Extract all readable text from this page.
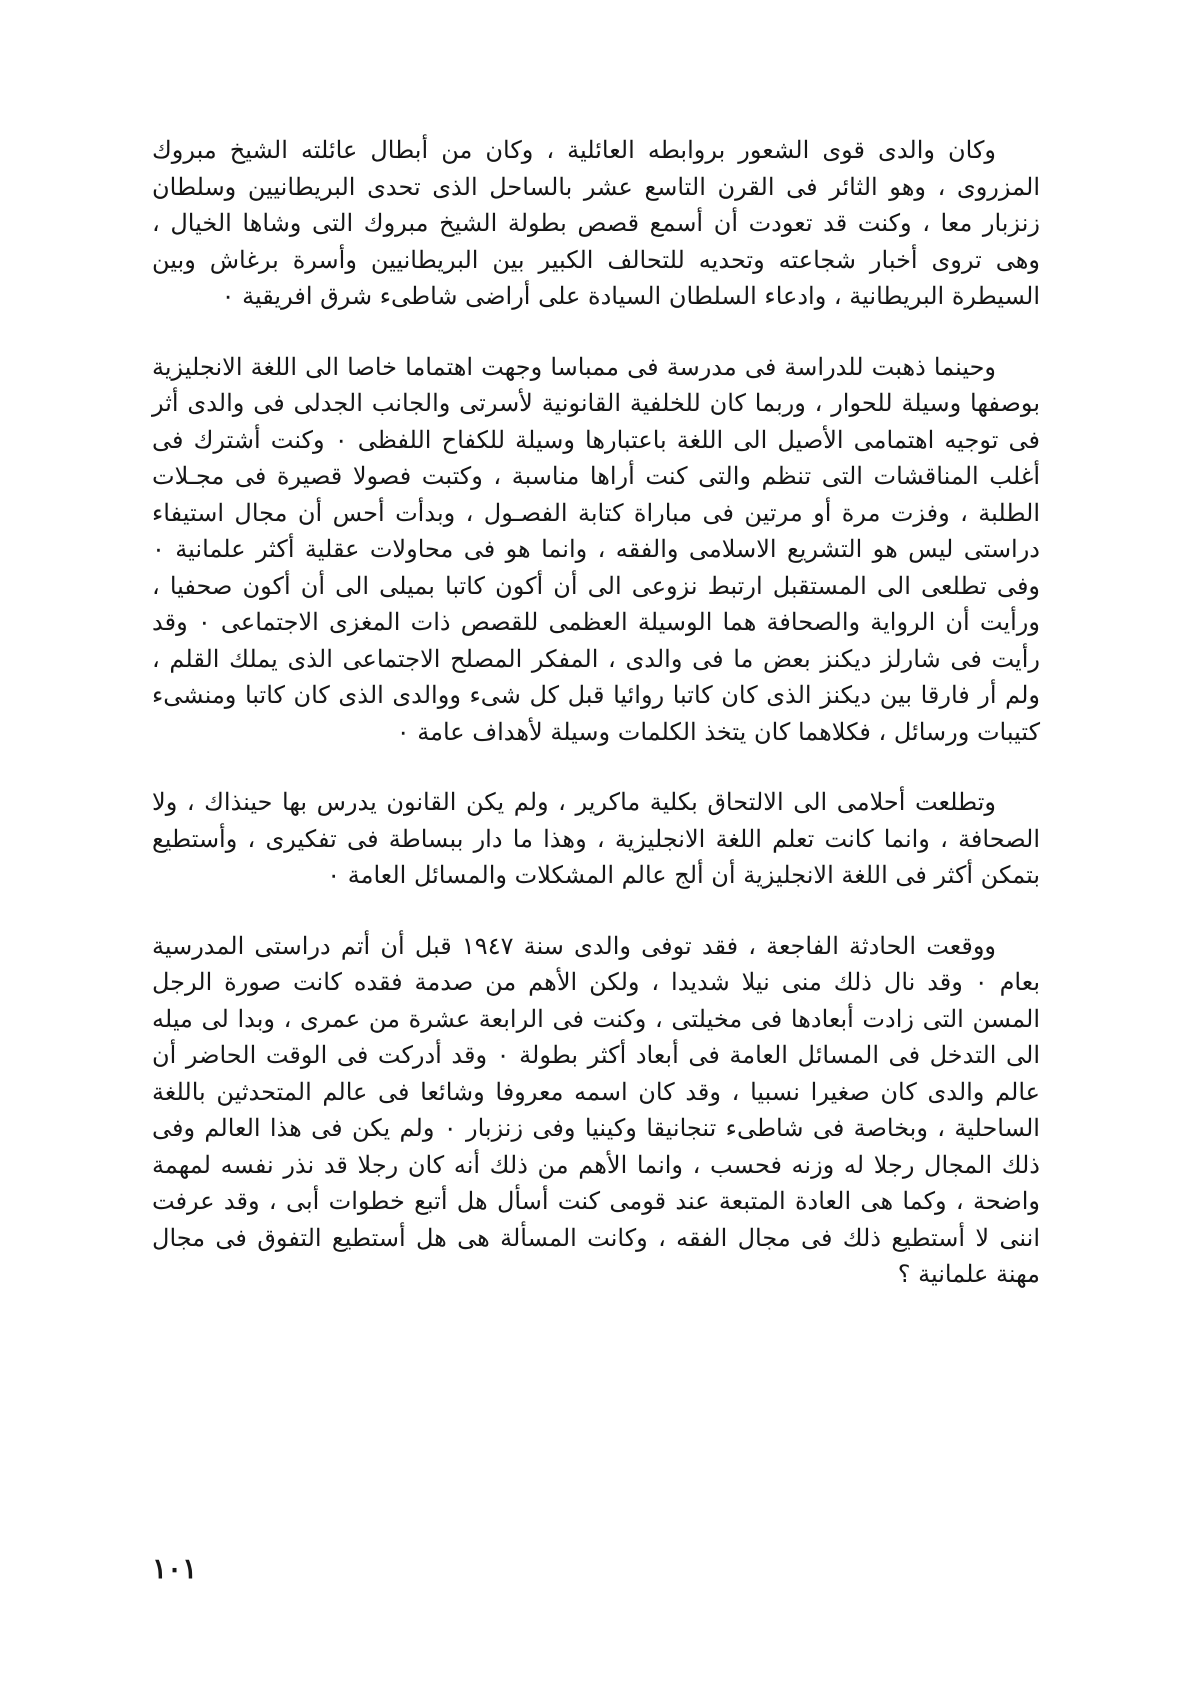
وكان والدى قوى الشعور بروابطه العائلية ، وكان من أبطال عائلته الشيخ مبروك المزروى ، وهو الثائر فى القرن التاسع عشر بالساحل الذى تحدى البريطانيين وسلطان زنزبار معا ، وكنت قد تعودت أن أسمع قصص بطولة الشيخ مبروك التى وشاها الخيال ، وهى تروى أخبار شجاعته وتحديه للتحالف الكبير بين البريطانيين وأسرة برغاش وبين السيطرة البريطانية ، وادعاء السلطان السيادة على أراضى شاطىء شرق افريقية ٠

وحينما ذهبت للدراسة فى مدرسة فى ممباسا وجهت اهتماما خاصا الى اللغة الانجليزية بوصفها وسيلة للحوار ، وربما كان للخلفية القانونية لأسرتى والجانب الجدلى فى والدى أثر فى توجيه اهتمامى الأصيل الى اللغة باعتبارها وسيلة للكفاح اللفظى ٠ وكنت أشترك فى أغلب المناقشات التى تنظم والتى كنت أراها مناسبة ، وكتبت فصولا قصيرة فى مجـلات الطلبة ، وفزت مرة أو مرتين فى مباراة كتابة الفصـول ، وبدأت أحس أن مجال استيفاء دراستى ليس هو التشريع الاسلامى والفقه ، وانما هو فى محاولات عقلية أكثر علمانية ٠ وفى تطلعى الى المستقبل ارتبط نزوعى الى أن أكون كاتبا بميلى الى أن أكون صحفيا ، ورأيت أن الرواية والصحافة هما الوسيلة العظمى للقصص ذات المغزى الاجتماعى ٠ وقد رأيت فى شارلز ديكنز بعض ما فى والدى ، المفكر المصلح الاجتماعى الذى يملك القلم ، ولم أر فارقا بين ديكنز الذى كان كاتبا روائيا قبل كل شىء ووالدى الذى كان كاتبا ومنشىء كتيبات ورسائل ، فكلاهما كان يتخذ الكلمات وسيلة لأهداف عامة ٠

وتطلعت أحلامى الى الالتحاق بكلية ماكرير ، ولم يكن القانون يدرس بها حينذاك ، ولا الصحافة ، وانما كانت تعلم اللغة الانجليزية ، وهذا ما دار ببساطة فى تفكيرى ، وأستطيع بتمكن أكثر فى اللغة الانجليزية أن ألج عالم المشكلات والمسائل العامة ٠

ووقعت الحادثة الفاجعة ، فقد توفى والدى سنة ١٩٤٧ قبل أن أتم دراستى المدرسية بعام ٠ وقد نال ذلك منى نيلا شديدا ، ولكن الأهم من صدمة فقده كانت صورة الرجل المسن التى زادت أبعادها فى مخيلتى ، وكنت فى الرابعة عشرة من عمرى ، وبدا لى ميله الى التدخل فى المسائل العامة فى أبعاد أكثر بطولة ٠ وقد أدركت فى الوقت الحاضر أن عالم والدى كان صغيرا نسبيا ، وقد كان اسمه معروفا وشائعا فى عالم المتحدثين باللغة الساحلية ، وبخاصة فى شاطىء تنجانيقا وكينيا وفى زنزبار ٠ ولم يكن فى هذا العالم وفى ذلك المجال رجلا له وزنه فحسب ، وانما الأهم من ذلك أنه كان رجلا قد نذر نفسه لمهمة واضحة ، وكما هى العادة المتبعة عند قومى كنت أسأل هل أتبع خطوات أبى ، وقد عرفت اننى لا أستطيع ذلك فى مجال الفقه ، وكانت المسألة هى هل أستطيع التفوق فى مجال مهنة علمانية ؟

١٠١
